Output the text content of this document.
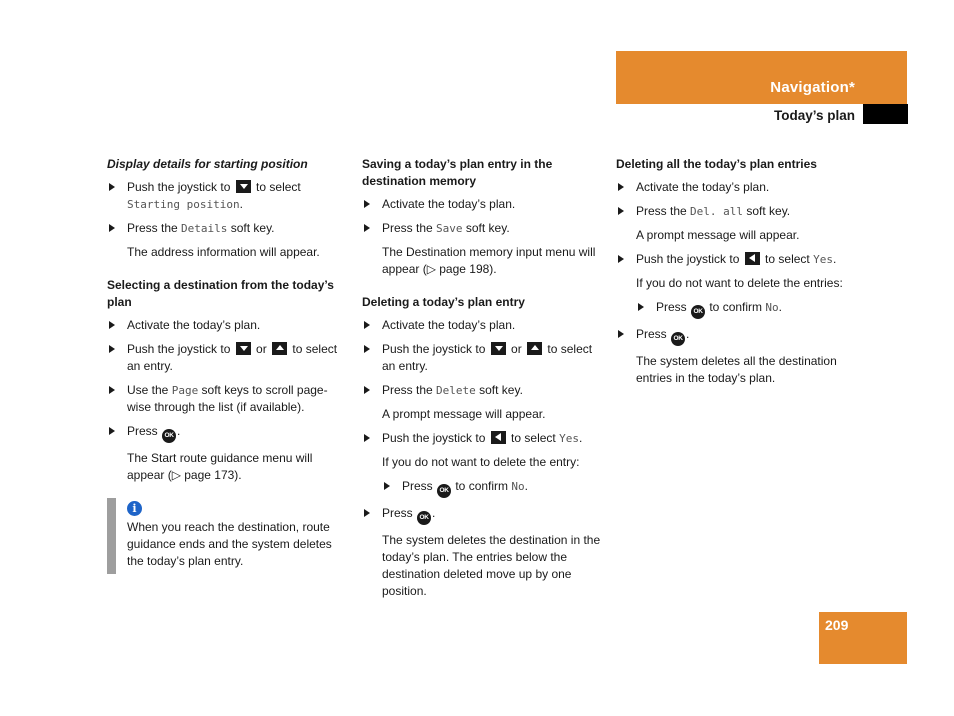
Navigation*
Today’s plan

Display details for starting position

Push the joystick to  to select Starting position.

Press the Details soft key.

The address information will appear.

Selecting a destination from the today’s plan

Activate the today’s plan.

Push the joystick to  or  to select an entry.

Use the Page soft keys to scroll page-wise through the list (if available).

Press OK .

The Start route guidance menu will appear (▷ page 173).

i
When you reach the destination, route guidance ends and the system deletes the today’s plan entry.

Saving a today’s plan entry in the destination memory

Activate the today’s plan.

Press the Save soft key.

The Destination memory input menu will appear (▷ page 198).

Deleting a today’s plan entry

Activate the today’s plan.

Push the joystick to  or  to select an entry.

Press the Delete soft key.

A prompt message will appear.

Push the joystick to  to select Yes.

If you do not want to delete the entry:

Press OK to confirm No.

Press OK .

The system deletes the destination in the today’s plan. The entries below the destination deleted move up by one position.

Deleting all the today’s plan entries

Activate the today’s plan.

Press the Del. all soft key.

A prompt message will appear.

Push the joystick to  to select Yes.

If you do not want to delete the entries:

Press OK to confirm No.

Press OK .

The system deletes all the destination entries in the today’s plan.

209
